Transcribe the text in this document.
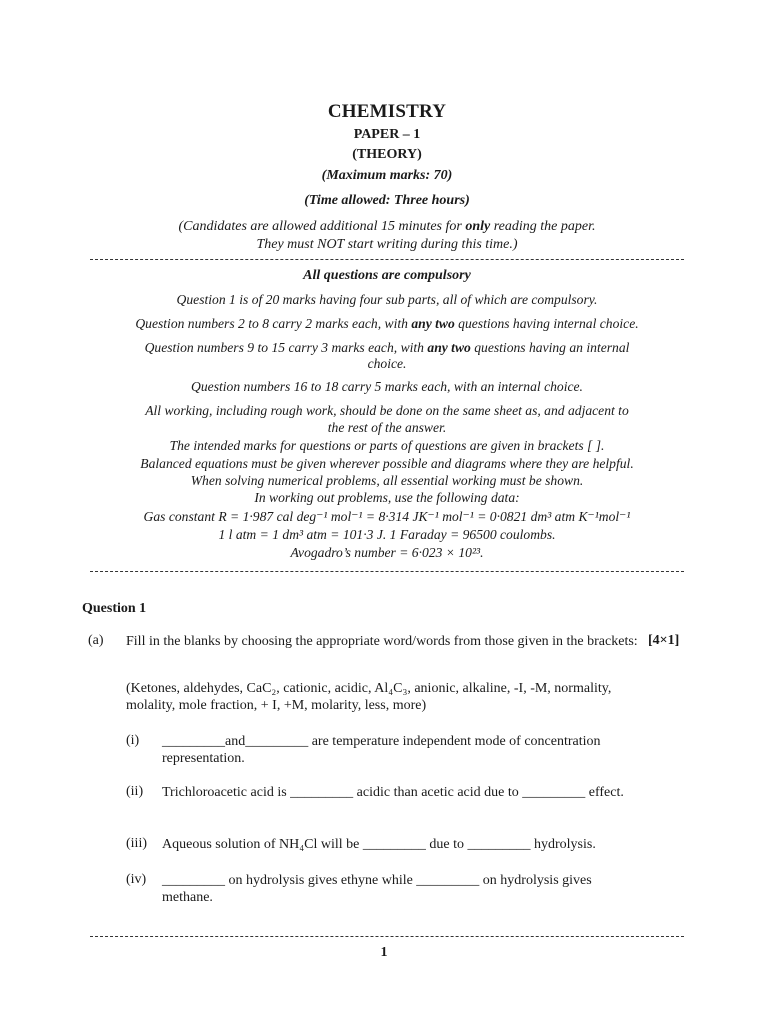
CHEMISTRY
PAPER – 1
(THEORY)
(Maximum marks: 70)
(Time allowed: Three hours)
(Candidates are allowed additional 15 minutes for only reading the paper.
They must NOT start writing during this time.)
All questions are compulsory
Question 1 is of 20 marks having four sub parts, all of which are compulsory.
Question numbers 2 to 8 carry 2 marks each, with any two questions having internal choice.
Question numbers 9 to 15 carry 3 marks each, with any two questions having an internal
choice.
Question numbers 16 to 18 carry 5 marks each, with an internal choice.
All working, including rough work, should be done on the same sheet as, and adjacent to
the rest of the answer.
The intended marks for questions or parts of questions are given in brackets [ ].
Balanced equations must be given wherever possible and diagrams where they are helpful.
When solving numerical problems, all essential working must be shown.
In working out problems, use the following data:
Gas constant R = 1·987 cal deg⁻¹ mol⁻¹ = 8·314 JK⁻¹ mol⁻¹ = 0·0821 dm³ atm K⁻¹mol⁻¹
1 l atm = 1 dm³ atm = 101·3 J. 1 Faraday = 96500 coulombs.
Avogadro’s number = 6·023 × 10²³.
Question 1
(a) Fill in the blanks by choosing the appropriate word/words from those given in the brackets: [4×1]
(Ketones, aldehydes, CaC₂, cationic, acidic, Al₄C₃, anionic, alkaline, -I, -M, normality, molality, mole fraction, + I, +M, molarity, less, more)
(i) _________and_________ are temperature independent mode of concentration representation.
(ii) Trichloroacetic acid is _________ acidic than acetic acid due to _________ effect.
(iii) Aqueous solution of NH₄Cl will be _________ due to _________ hydrolysis.
(iv) _________ on hydrolysis gives ethyne while _________ on hydrolysis gives methane.
1
